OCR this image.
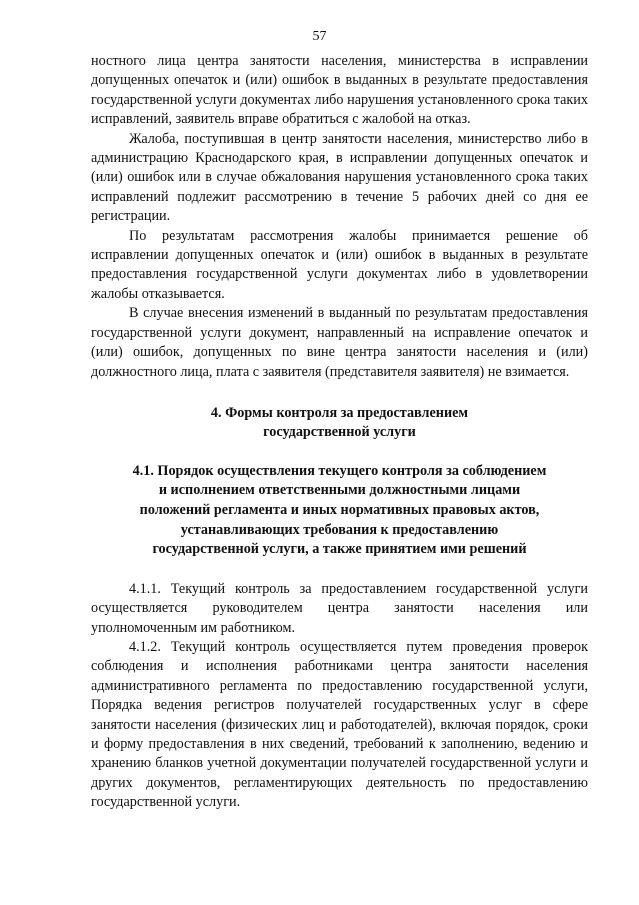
57

ностного лица центра занятости населения, министерства в исправлении допущенных опечаток и (или) ошибок в выданных в результате предоставления государственной услуги документах либо нарушения установленного срока таких исправлений, заявитель вправе обратиться с жалобой на отказ.

Жалоба, поступившая в центр занятости населения, министерство либо в администрацию Краснодарского края, в исправлении допущенных опечаток и (или) ошибок или в случае обжалования нарушения установленного срока таких исправлений подлежит рассмотрению в течение 5 рабочих дней со дня ее регистрации.

По результатам рассмотрения жалобы принимается решение об исправлении допущенных опечаток и (или) ошибок в выданных в результате предоставления государственной услуги документах либо в удовлетворении жалобы отказывается.

В случае внесения изменений в выданный по результатам предоставления государственной услуги документ, направленный на исправление опечаток и (или) ошибок, допущенных по вине центра занятости населения и (или) должностного лица, плата с заявителя (представителя заявителя) не взимается.

4. Формы контроля за предоставлением
государственной услуги
4.1. Порядок осуществления текущего контроля за соблюдением и исполнением ответственными должностными лицами положений регламента и иных нормативных правовых актов, устанавливающих требования к предоставлению государственной услуги, а также принятием ими решений

4.1.1. Текущий контроль за предоставлением государственной услуги осуществляется руководителем центра занятости населения или уполномоченным им работником.

4.1.2. Текущий контроль осуществляется путем проведения проверок соблюдения и исполнения работниками центра занятости населения административного регламента по предоставлению государственной услуги, Порядка ведения регистров получателей государственных услуг в сфере занятости населения (физических лиц и работодателей), включая порядок, сроки и форму предоставления в них сведений, требований к заполнению, ведению и хранению бланков учетной документации получателей государственной услуги и других документов, регламентирующих деятельность по предоставлению государственной услуги.
